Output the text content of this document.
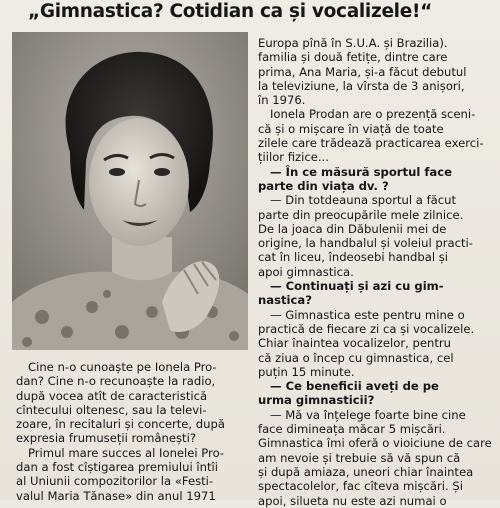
„Gimnastica? Cotidian ca și vocalizele!“
Europa pînă în S.U.A. și Brazilia).
familia și două fetițe, dintre care
prima, Ana Maria, și-a făcut debutul
la televiziune, la vîrsta de 3 anișori,
în 1976.
Ionela Prodan are o prezență sceni-
că și o mișcare în viață de toate
zilele care trădează practicarea exerci-
țiilor fizice...
— În ce măsură sportul face
parte din viața dv. ?
— Din totdeauna sportul a făcut
parte din preocupările mele zilnice.
De la joaca din Dăbulenii mei de
origine, la handbalul și voleiul practi-
cat în liceu, îndeosebi handbal și
apoi gimnastica.
— Continuați și azi cu gim-
nastica?
— Gimnastica este pentru mine o
practică de fiecare zi ca și vocalizele.
Chiar înaintea vocalizelor, pentru
că ziua o încep cu gimnastica, cel
puțin 15 minute.
— Ce beneficii aveți de pe
urma gimnasticii?
— Mă va înțelege foarte bine cine
face dimineața măcar 5 mișcări.
Gimnastica îmi oferă o vioiciune de care
am nevoie și trebuie să vă spun că
și după amiaza, uneori chiar înaintea
spectacolelor, fac cîteva mișcări. Și
apoi, silueta nu este azi numai o
Cine n-o cunoaște pe Ionela Pro-
dan? Cine n-o recunoaște la radio,
după vocea atît de caracteristică
cîntecului oltenesc, sau la televi-
zoare, în recitaluri și concerte, după
expresia frumuseții românești?
Primul mare succes al Ionelei Pro-
dan a fost cîștigarea premiului întîi
al Uniunii compozitorilor la «Festi-
valul Maria Tănase» din anul 1971
